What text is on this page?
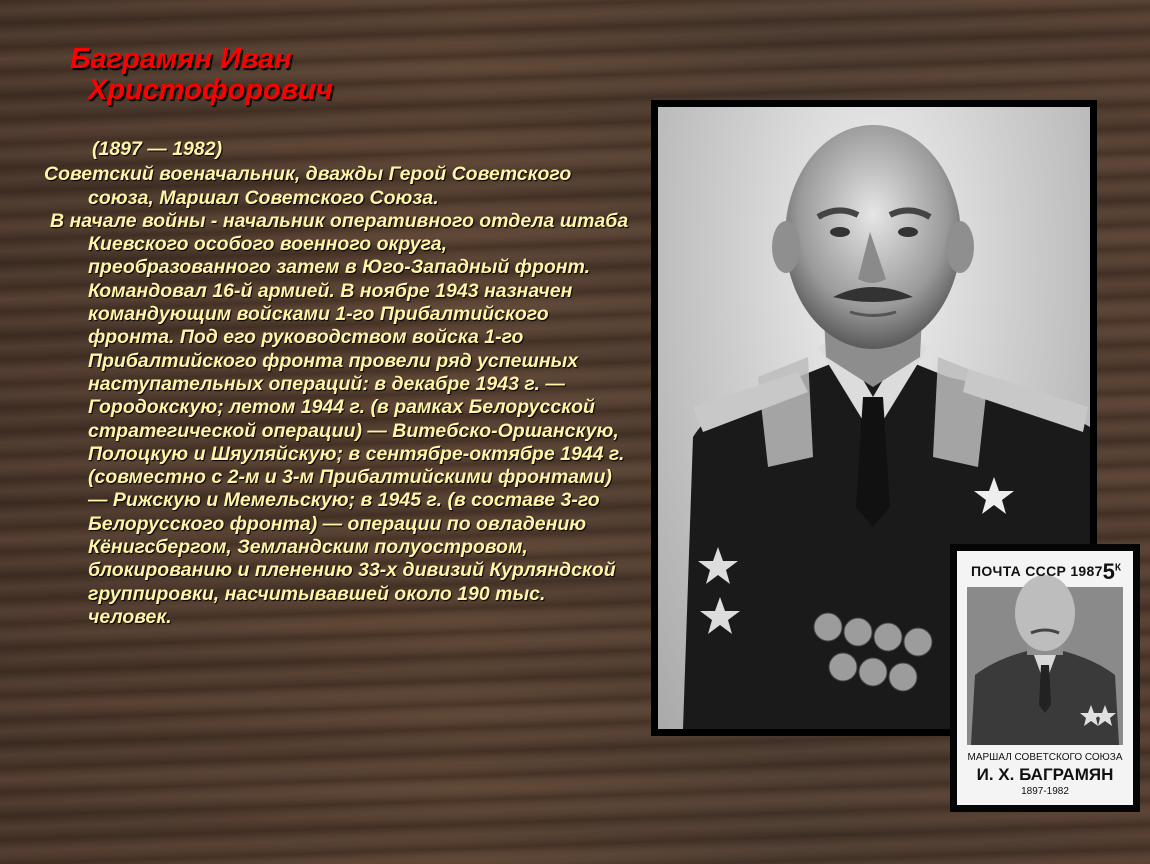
Баграмян Иван
Христофорович

(1897 — 1982)

Советский военачальник, дважды Герой Советского союза, Маршал Советского Союза.

В начале войны - начальник оперативного отдела штаба Киевского особого военного округа, преобразованного затем в Юго-Западный фронт. Командовал 16-й армией. В ноябре 1943 назначен командующим войсками 1-го Прибалтийского фронта. Под его руководством войска 1-го Прибалтийского фронта провели ряд успешных наступательных операций: в декабре 1943 г. — Городокскую; летом 1944 г. (в рамках Белорусской стратегической операции) — Витебско-Оршанскую, Полоцкую и Шяуляйскую; в сентябре-октябре 1944 г. (совместно с 2-м и 3-м Прибалтийскими фронтами) — Рижскую и Мемельскую; в 1945 г. (в составе 3-го Белорусского фронта) — операции по овладению Кёнигсбергом, Земландским полуостровом, блокированию и пленению 33-х дивизий Курляндской группировки, насчитывавшей около 190 тыс. человек.

ПОЧТА СССР 1987 $5^К$
МАРШАЛ СОВЕТСКОГО СОЮЗА
И. Х. БАГРАМЯН
1897-1982
